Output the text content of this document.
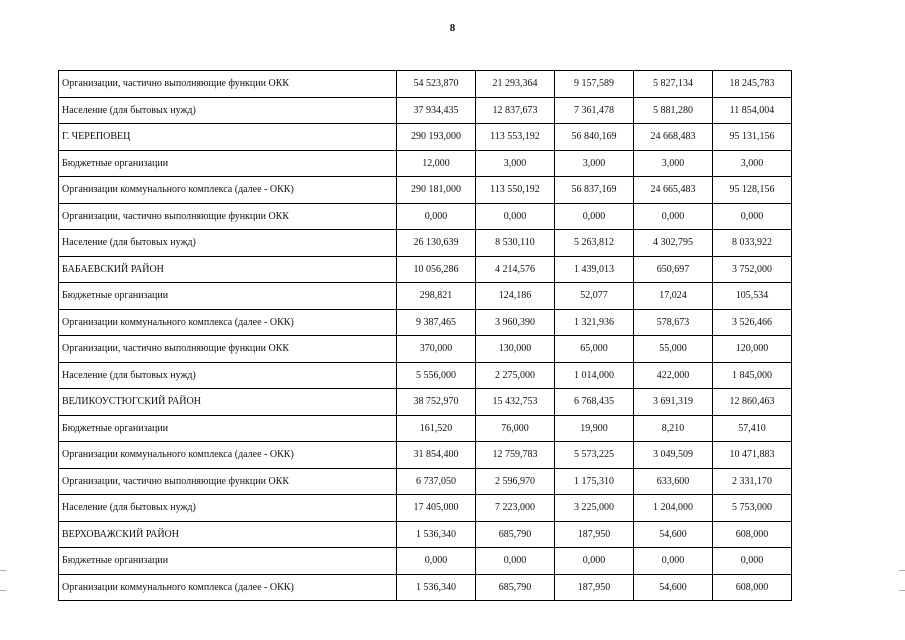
8
Организации, частично выполняющие функции ОКК	54 523,870	21 293,364	9 157,589	5 827,134	18 245,783
Население (для бытовых нужд)	37 934,435	12 837,673	7 361,478	5 881,280	11 854,004
Г. ЧЕРЕПОВЕЦ	290 193,000	113 553,192	56 840,169	24 668,483	95 131,156
Бюджетные организации	12,000	3,000	3,000	3,000	3,000
Организации коммунального комплекса (далее - ОКК)	290 181,000	113 550,192	56 837,169	24 665,483	95 128,156
Организации, частично выполняющие функции ОКК	0,000	0,000	0,000	0,000	0,000
Население (для бытовых нужд)	26 130,639	8 530,110	5 263,812	4 302,795	8 033,922
БАБАЕВСКИЙ РАЙОН	10 056,286	4 214,576	1 439,013	650,697	3 752,000
Бюджетные организации	298,821	124,186	52,077	17,024	105,534
Организации коммунального комплекса (далее - ОКК)	9 387,465	3 960,390	1 321,936	578,673	3 526,466
Организации, частично выполняющие функции ОКК	370,000	130,000	65,000	55,000	120,000
Население (для бытовых нужд)	5 556,000	2 275,000	1 014,000	422,000	1 845,000
ВЕЛИКОУСТЮГСКИЙ РАЙОН	38 752,970	15 432,753	6 768,435	3 691,319	12 860,463
Бюджетные организации	161,520	76,000	19,900	8,210	57,410
Организации коммунального комплекса (далее - ОКК)	31 854,400	12 759,783	5 573,225	3 049,509	10 471,883
Организации, частично выполняющие функции ОКК	6 737,050	2 596,970	1 175,310	633,600	2 331,170
Население (для бытовых нужд)	17 405,000	7 223,000	3 225,000	1 204,000	5 753,000
ВЕРХОВАЖСКИЙ РАЙОН	1 536,340	685,790	187,950	54,600	608,000
Бюджетные организации	0,000	0,000	0,000	0,000	0,000
Организации коммунального комплекса (далее - ОКК)	1 536,340	685,790	187,950	54,600	608,000
